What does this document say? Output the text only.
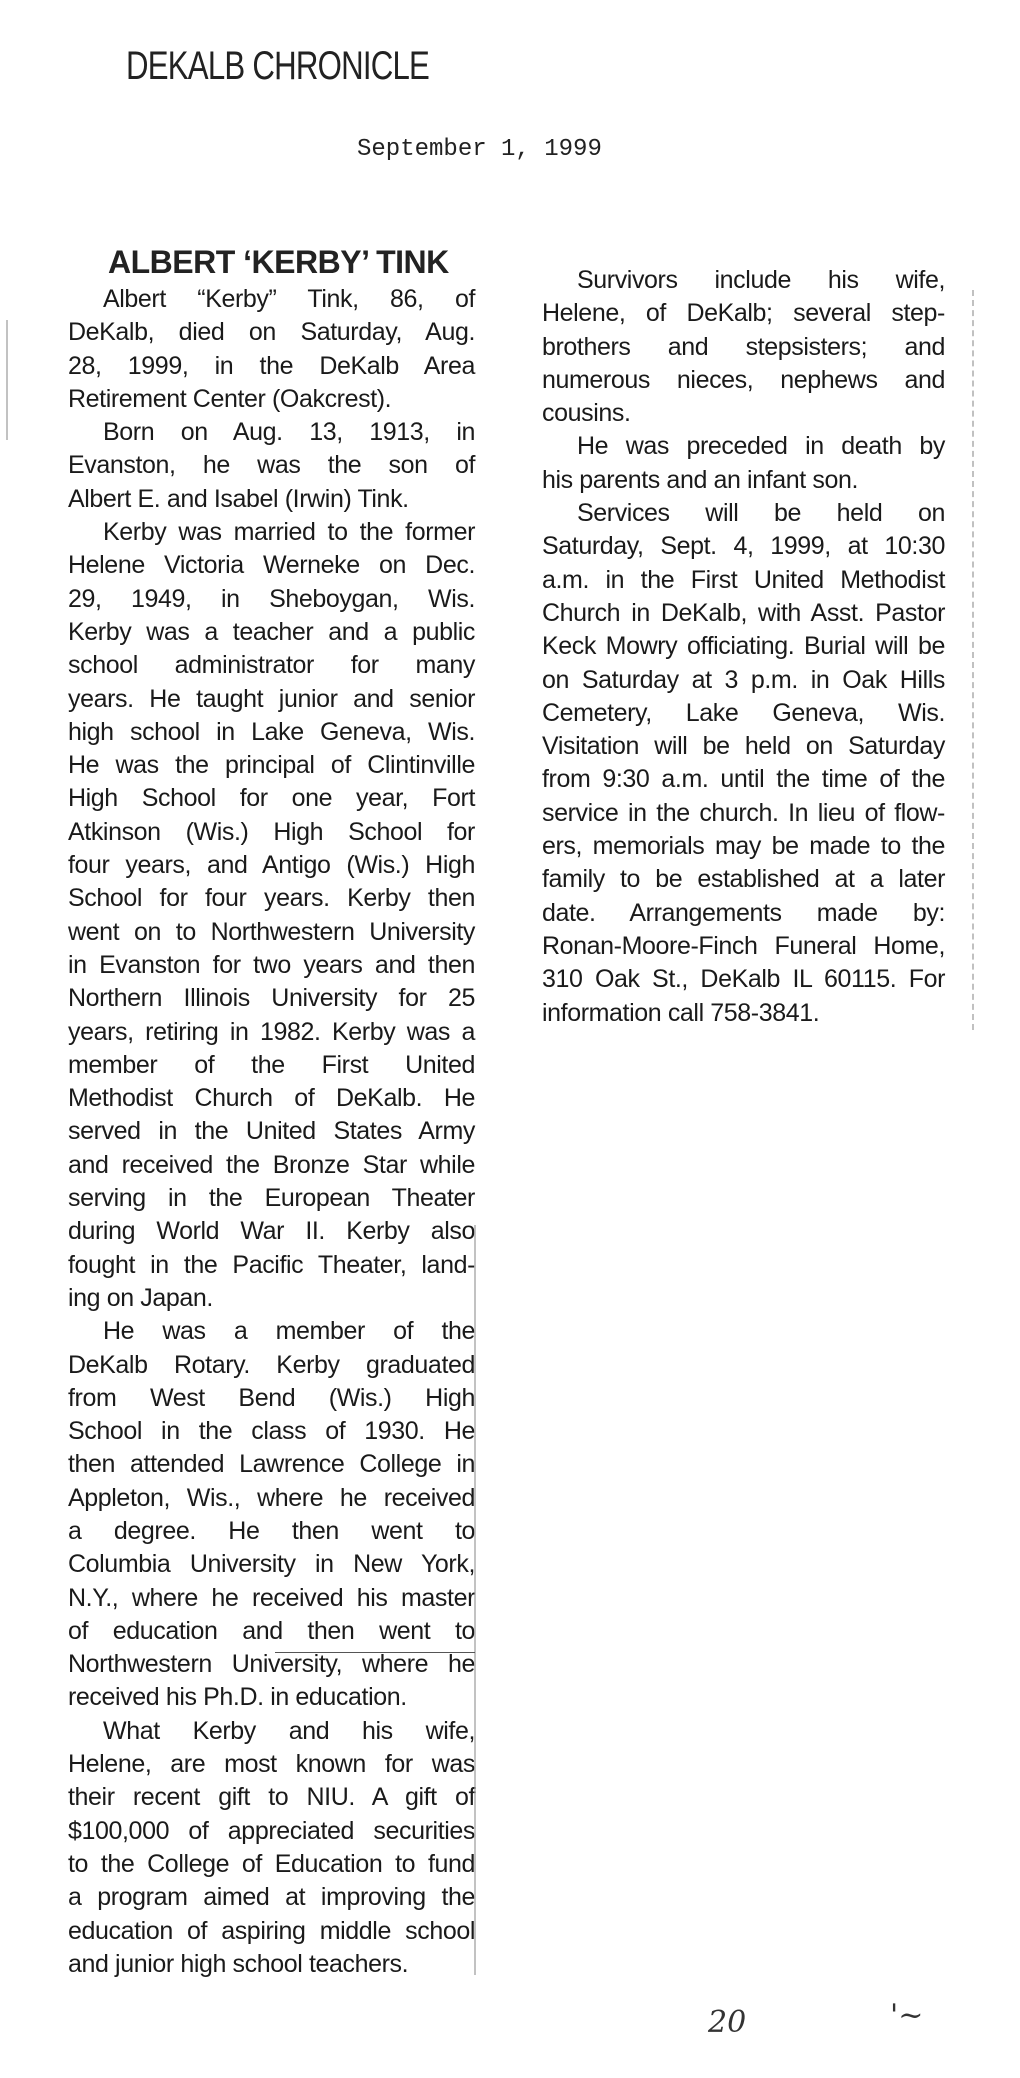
DEKALB CHRONICLE
September 1, 1999
ALBERT ‘KERBY’ TINK
Albert “Kerby” Tink, 86, of
DeKalb, died on Saturday, Aug.
28, 1999, in the DeKalb Area
Retirement Center (Oakcrest).
Born on Aug. 13, 1913, in
Evanston, he was the son of
Albert E. and Isabel (Irwin) Tink.
Kerby was married to the former
Helene Victoria Werneke on Dec.
29, 1949, in Sheboygan, Wis.
Kerby was a teacher and a public
school administrator for many
years. He taught junior and senior
high school in Lake Geneva, Wis.
He was the principal of Clintinville
High School for one year, Fort
Atkinson (Wis.) High School for
four years, and Antigo (Wis.) High
School for four years. Kerby then
went on to Northwestern University
in Evanston for two years and then
Northern Illinois University for 25
years, retiring in 1982. Kerby was a
member of the First United
Methodist Church of DeKalb. He
served in the United States Army
and received the Bronze Star while
serving in the European Theater
during World War II. Kerby also
fought in the Pacific Theater, land-
ing on Japan.
He was a member of the
DeKalb Rotary. Kerby graduated
from West Bend (Wis.) High
School in the class of 1930. He
then attended Lawrence College in
Appleton, Wis., where he received
a degree. He then went to
Columbia University in New York,
N.Y., where he received his master
of education and then went to
Northwestern University, where he
received his Ph.D. in education.
What Kerby and his wife,
Helene, are most known for was
their recent gift to NIU. A gift of
$100,000 of appreciated securities
to the College of Education to fund
a program aimed at improving the
education of aspiring middle school
and junior high school teachers.
Survivors include his wife,
Helene, of DeKalb; several step-
brothers and stepsisters; and
numerous nieces, nephews and
cousins.
He was preceded in death by
his parents and an infant son.
Services will be held on
Saturday, Sept. 4, 1999, at 10:30
a.m. in the First United Methodist
Church in DeKalb, with Asst. Pastor
Keck Mowry officiating. Burial will be
on Saturday at 3 p.m. in Oak Hills
Cemetery, Lake Geneva, Wis.
Visitation will be held on Saturday
from 9:30 a.m. until the time of the
service in the church. In lieu of flow-
ers, memorials may be made to the
family to be established at a later
date. Arrangements made by:
Ronan-Moore-Finch Funeral Home,
310 Oak St., DeKalb IL 60115. For
information call 758-3841.
20	'~
